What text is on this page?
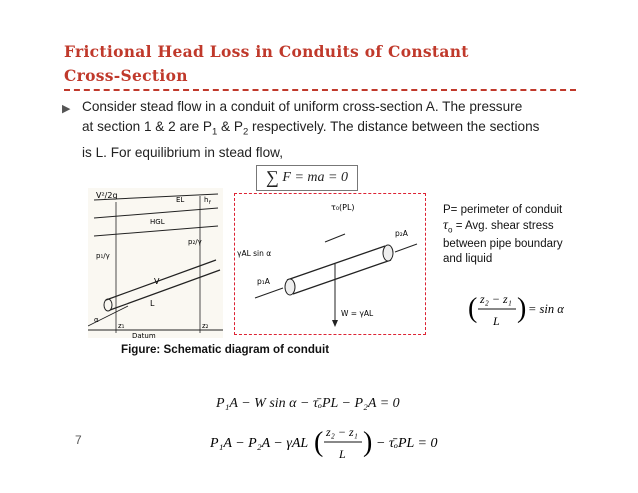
Frictional Head Loss in Conduits of Constant
Cross-Section
▶ Consider stead flow in a conduit of uniform cross-section A. The pressure
at section 1 & 2 are $P_1$ & $P_2$ respectively. The distance between the sections
is L. For equilibrium in stead flow,
∑ F = ma = 0
V²/2g	EL	h f
HGL
p₁/γ
p₂/γ
V
L
α
z₁	z₂
Datum
τ₀(PL)
γAL sin α
p₂A
p₁A
W = γAL
P= perimeter of conduit
$\tau_o$ = Avg. shear stress
between pipe boundary
and liquid
( z₂ − z₁
L ) = sin α
Figure: Schematic diagram of conduit
P₁A − W sin α − τ̄ₒPL − P₂A = 0
P₁A − P₂A − γAL ( z₂ − z₁
L ) − τ̄ₒPL = 0
7
